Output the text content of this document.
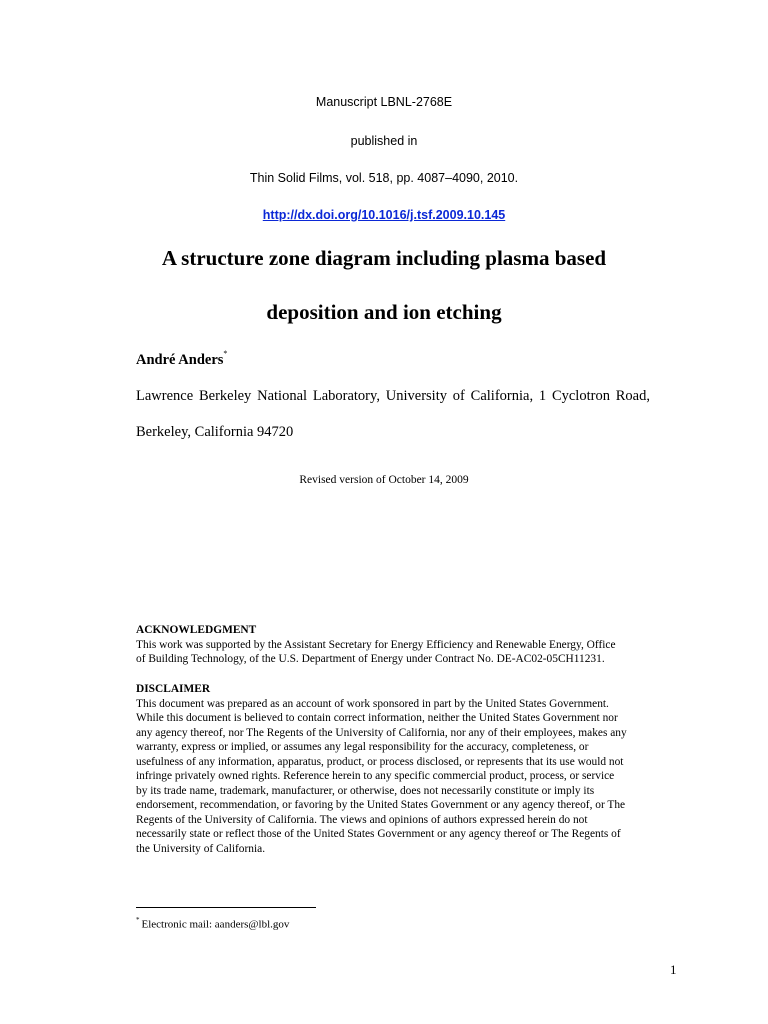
Manuscript LBNL-2768E
published in
Thin Solid Films, vol. 518, pp. 4087–4090, 2010.
http://dx.doi.org/10.1016/j.tsf.2009.10.145
A structure zone diagram including plasma based
deposition and ion etching
André Anders*
Lawrence Berkeley National Laboratory, University of California, 1 Cyclotron Road,
Berkeley, California 94720
Revised version of October 14, 2009
ACKNOWLEDGMENT
This work was supported by the Assistant Secretary for Energy Efficiency and Renewable Energy, Office
of Building Technology, of the U.S. Department of Energy under Contract No. DE-AC02-05CH11231.
DISCLAIMER
This document was prepared as an account of work sponsored in part by the United States Government.
While this document is believed to contain correct information, neither the United States Government nor
any agency thereof, nor The Regents of the University of California, nor any of their employees, makes any
warranty, express or implied, or assumes any legal responsibility for the accuracy, completeness, or
usefulness of any information, apparatus, product, or process disclosed, or represents that its use would not
infringe privately owned rights. Reference herein to any specific commercial product, process, or service
by its trade name, trademark, manufacturer, or otherwise, does not necessarily constitute or imply its
endorsement, recommendation, or favoring by the United States Government or any agency thereof, or The
Regents of the University of California. The views and opinions of authors expressed herein do not
necessarily state or reflect those of the United States Government or any agency thereof or The Regents of
the University of California.
* Electronic mail: aanders@lbl.gov
1
